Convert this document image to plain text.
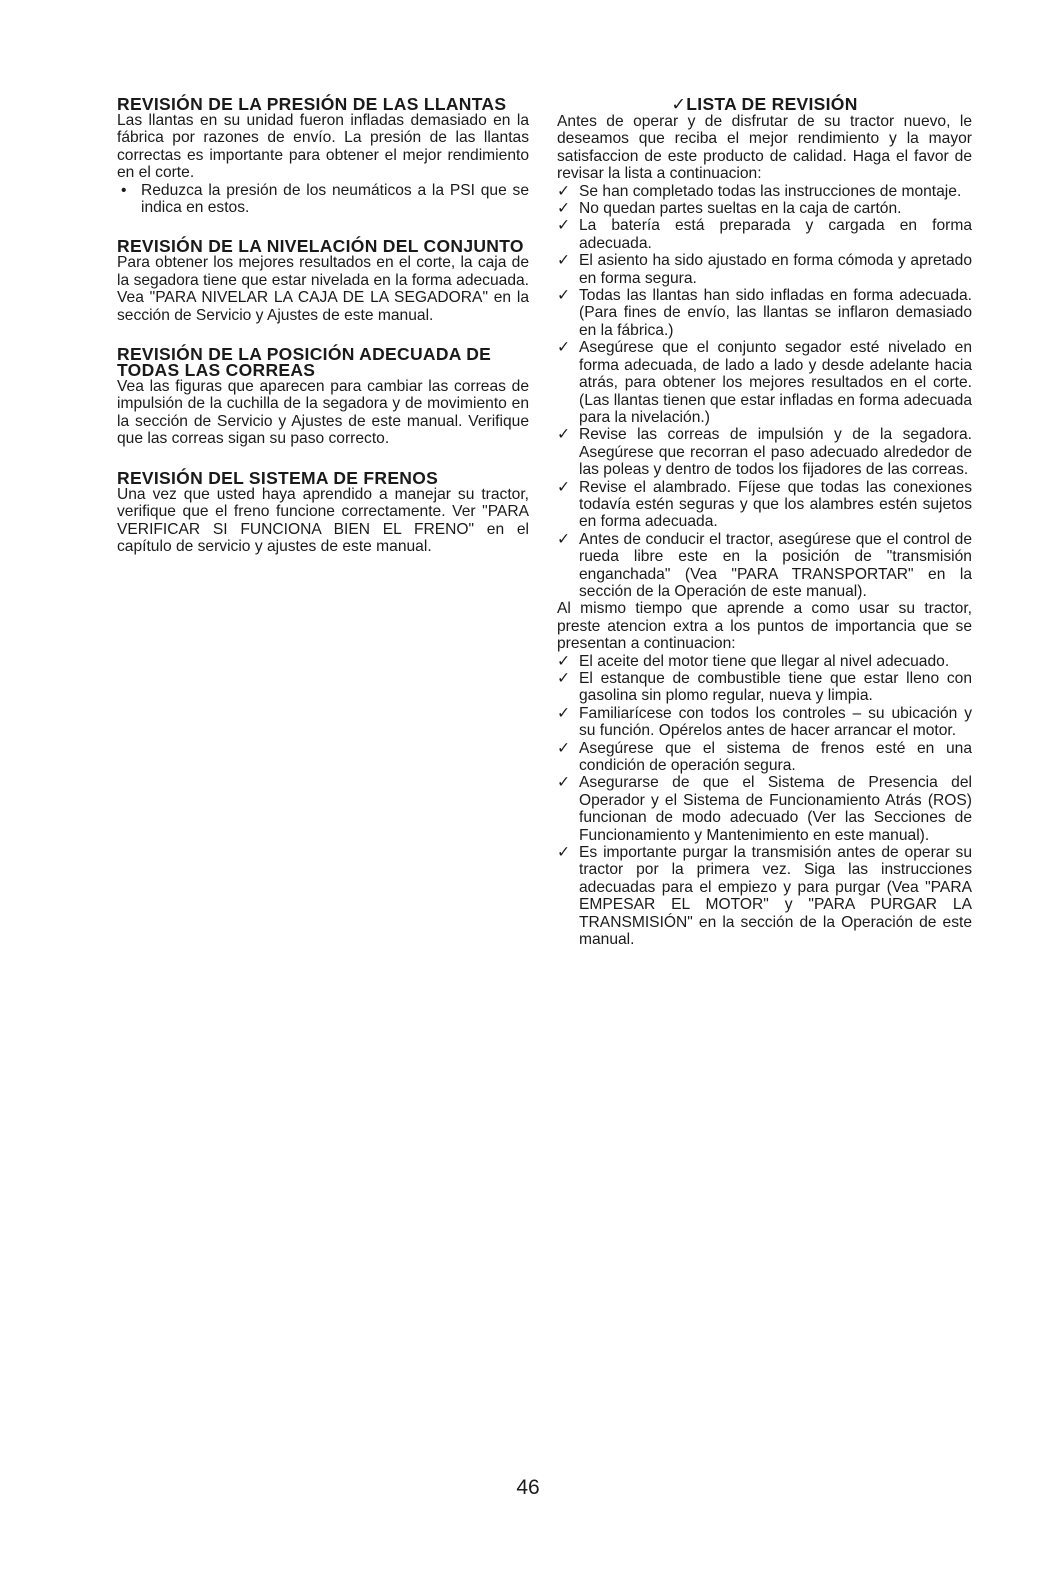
REVISIÓN DE LA PRESIÓN DE LAS LLANTAS

Las llantas en su unidad fueron infladas demasiado en la fábrica por razones de envío. La presión de las llantas correctas es importante para obtener el mejor rendimiento en el corte.

• Reduzca la presión de los neumáticos a la PSI que se indica en estos.
REVISIÓN DE LA NIVELACIÓN DEL CONJUNTO

Para obtener los mejores resultados en el corte, la caja de la segadora tiene que estar nivelada en la forma adecuada. Vea "PARA NIVELAR LA CAJA DE LA SEGADORA" en la sección de Servicio y Ajustes de este manual.

REVISIÓN DE LA POSICIÓN ADECUADA DE TODAS LAS CORREAS

Vea las figuras que aparecen para cambiar las correas de impulsión de la cuchilla de la segadora y de movimiento en la sección de Servicio y Ajustes de este manual. Verifique que las correas sigan su paso correcto.

REVISIÓN DEL SISTEMA DE FRENOS

Una vez que usted haya aprendido a manejar su tractor, verifique que el freno funcione correctamente. Ver "PARA VERIFICAR SI FUNCIONA BIEN EL FRENO" en el capítulo de servicio y ajustes de este manual.

✓LISTA DE REVISIÓN

Antes de operar y de disfrutar de su tractor nuevo, le deseamos que reciba el mejor rendimiento y la mayor satisfaccion de este producto de calidad. Haga el favor de revisar la lista a continuacion:

✓ Se han completado todas las instrucciones de montaje.
✓ No quedan partes sueltas en la caja de cartón.
✓ La batería está preparada y cargada en forma adecuada.
✓ El asiento ha sido ajustado en forma cómoda y apretado en forma segura.
✓ Todas las llantas han sido infladas en forma adecuada. (Para fines de envío, las llantas se inflaron demasiado en la fábrica.)
✓ Asegúrese que el conjunto segador esté nivelado en forma adecuada, de lado a lado y desde adelante hacia atrás, para obtener los mejores resultados en el corte. (Las llantas tienen que estar infladas en forma adecuada para la nivelación.)
✓ Revise las correas de impulsión y de la segadora. Asegúrese que recorran el paso adecuado alrededor de las poleas y dentro de todos los fijadores de las correas.
✓ Revise el alambrado. Fíjese que todas las conexiones todavía estén seguras y que los alambres estén sujetos en forma adecuada.
✓ Antes de conducir el tractor, asegúrese que el control de rueda libre este en la posición de "transmisión enganchada" (Vea "PARA TRANSPORTAR" en la sección de la Operación de este manual).

Al mismo tiempo que aprende a como usar su tractor, preste atencion extra a los puntos de importancia que se presentan a continuacion:

✓ El aceite del motor tiene que llegar al nivel adecuado.
✓ El estanque de combustible tiene que estar lleno con gasolina sin plomo regular, nueva y limpia.
✓ Familiarícese con todos los controles – su ubicación y su función. Opérelos antes de hacer arrancar el motor.
✓ Asegúrese que el sistema de frenos esté en una condición de operación segura.
✓ Asegurarse de que el Sistema de Presencia del Operador y el Sistema de Funcionamiento Atrás (ROS) funcionan de modo adecuado (Ver las Secciones de Funcionamiento y Mantenimiento en este manual).
✓ Es importante purgar la transmisión antes de operar su tractor por la primera vez. Siga las instrucciones adecuadas para el empiezo y para purgar (Vea "PARA EMPESAR EL MOTOR" y "PARA PURGAR LA TRANSMISIÓN" en la sección de la Operación de este manual.
46
